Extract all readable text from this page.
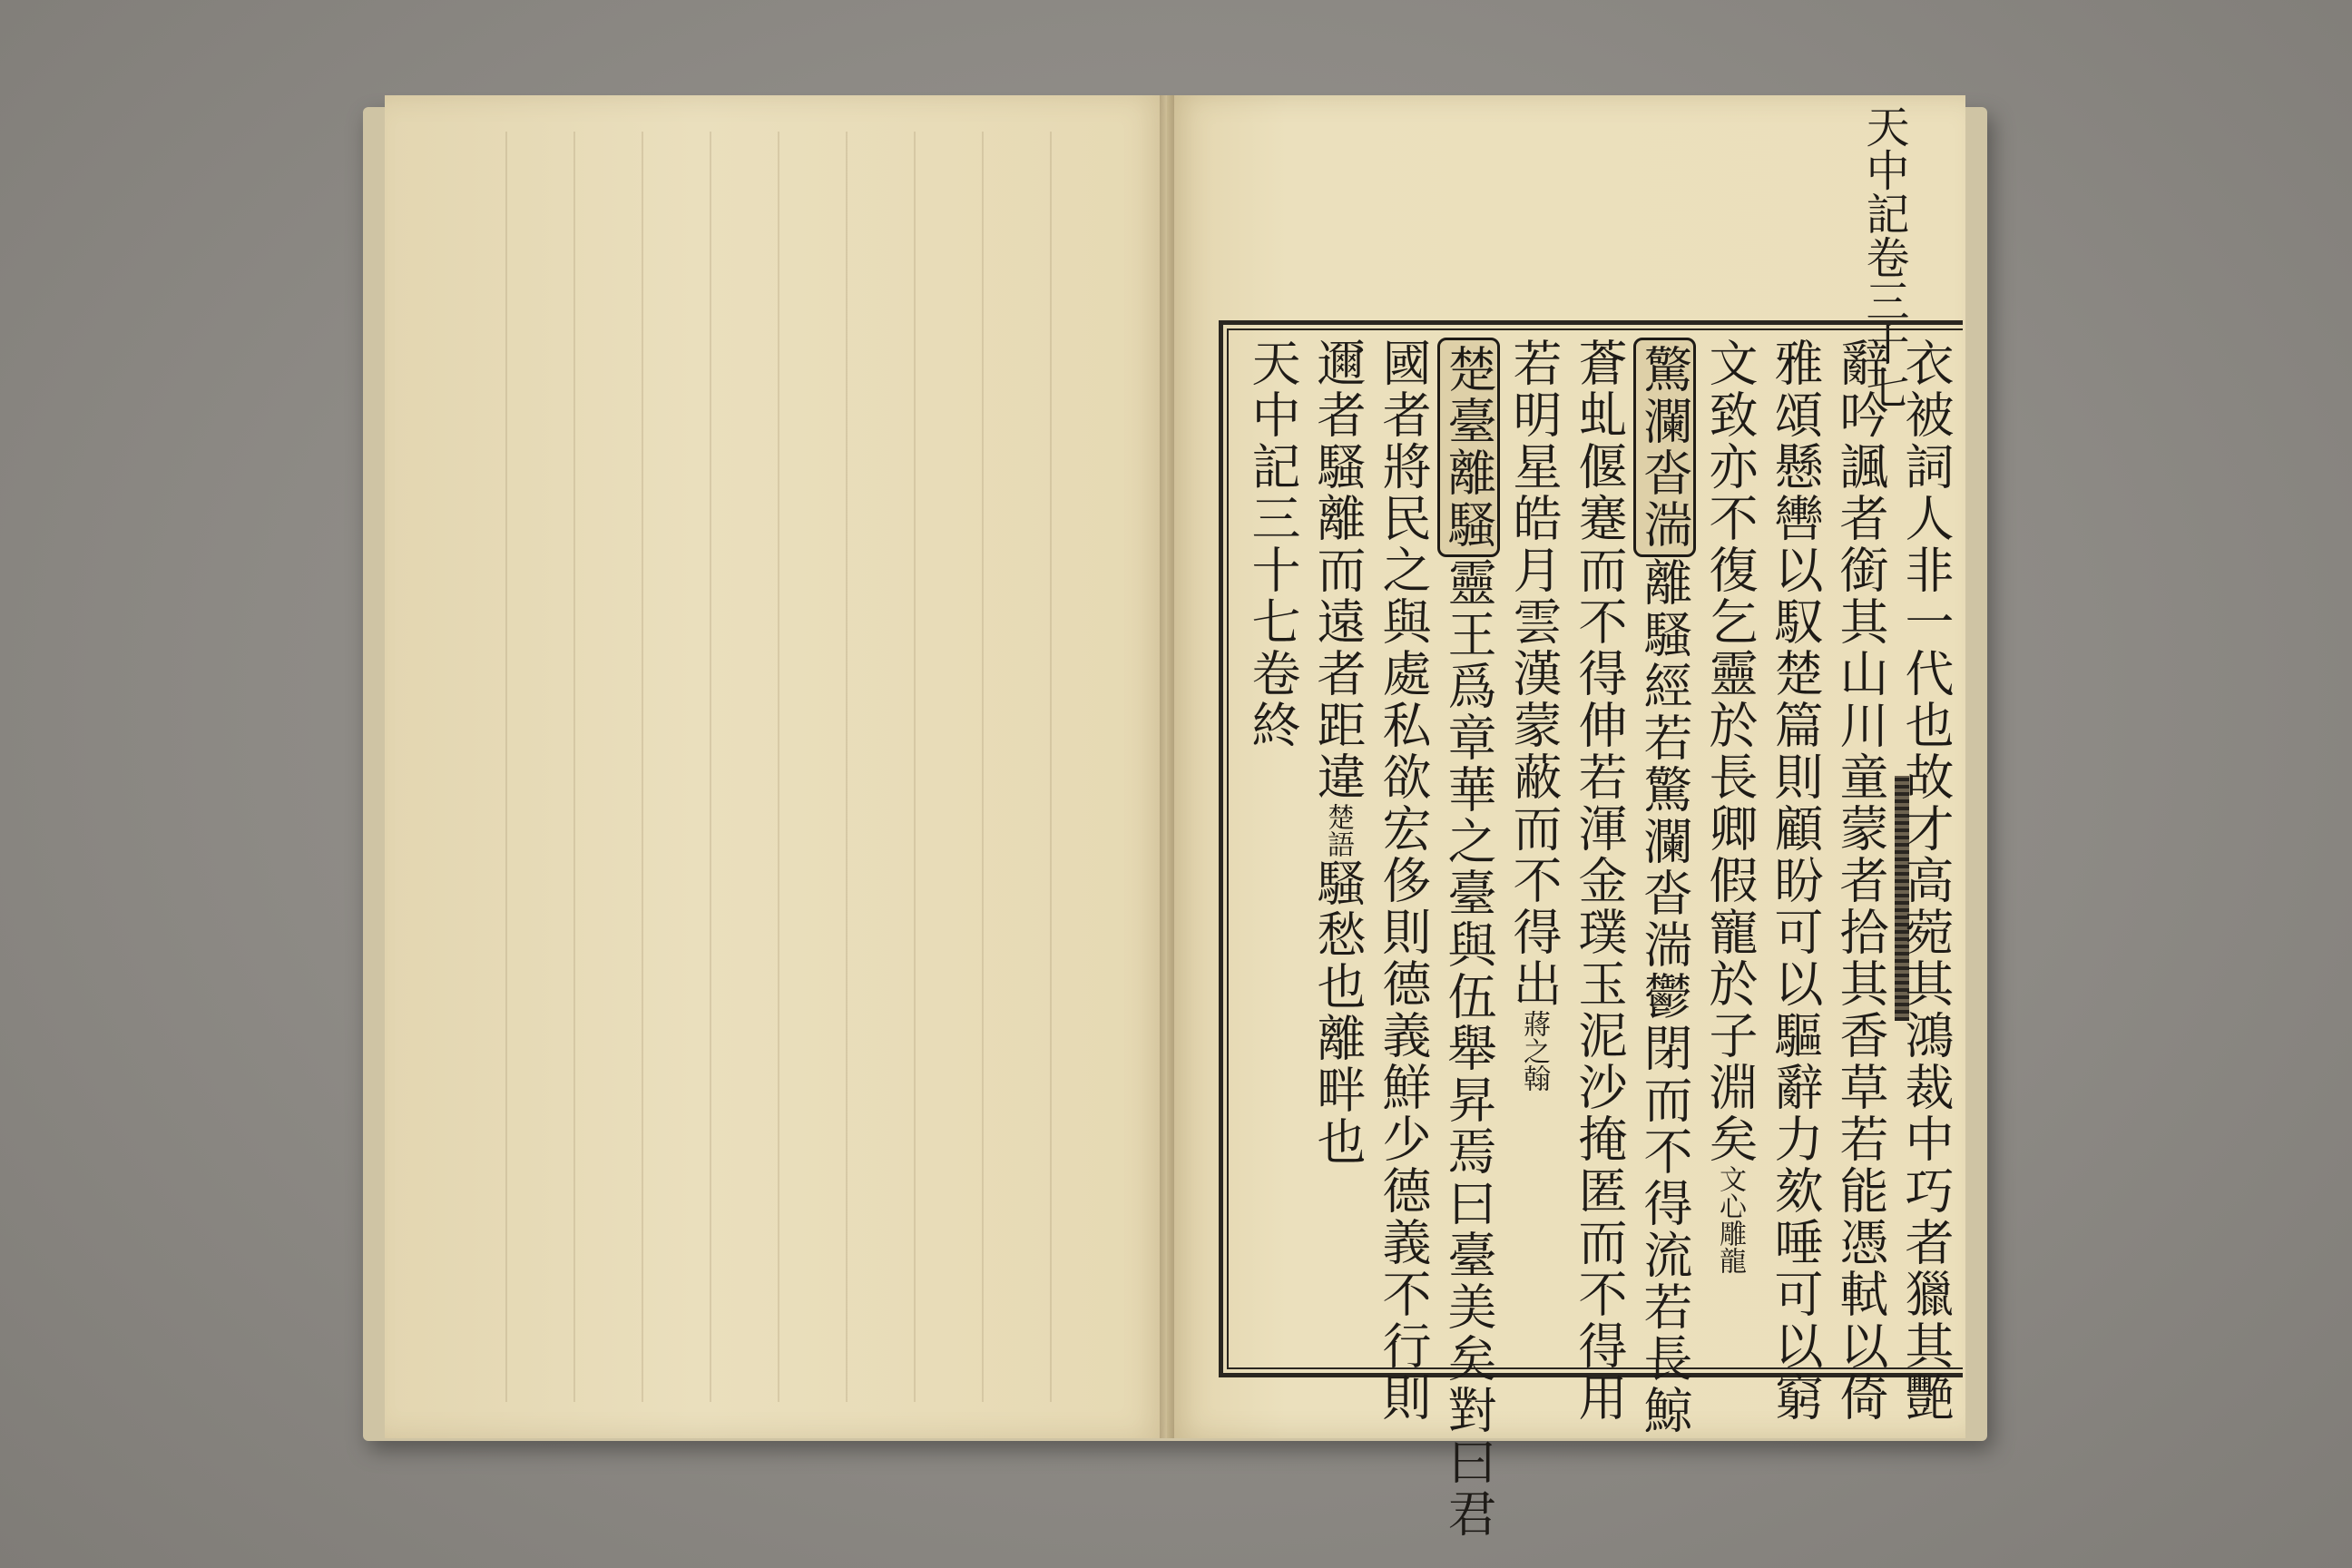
天中記卷三十七
衣被詞人非一代也故才高菀其鴻裁中巧者獵其艷
辭吟諷者銜其山川童蒙者拾其香草若能憑軾以倚
雅頌懸轡以馭楚篇則顧盼可以驅辭力欬唾可以窮
文致亦不復乞靈於長卿假寵於子淵矣文心雕龍
驚瀾沓湍離騷經若驚瀾沓湍鬱閉而不得流若長鯨
蒼虬偃蹇而不得伸若渾金璞玉泥沙掩匿而不得用
若明星皓月雲漢蒙蔽而不得出蔣之翰
楚臺離騷靈王爲章華之臺與伍舉昇焉曰臺美矣對曰君
國者將民之與處私欲宏侈則德義鮮少德義不行則
邇者騷離而遠者距違楚語騷愁也離畔也
天中記三十七卷終
